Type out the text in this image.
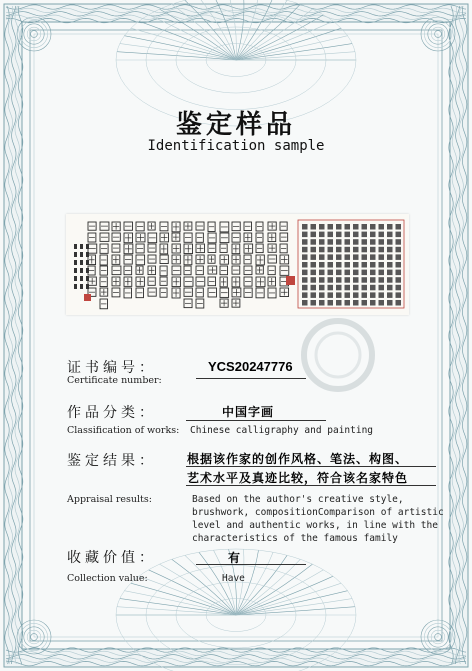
鉴定样品
Identification sample
证书编号：
Certificate number:
YCS20247776
作品分类：	中国字画
Classification of works: Chinese calligraphy and painting
鉴定结果：	根据该作家的创作风格、笔法、构图、
艺术水平及真迹比较，符合该名家特色
Appraisal results:	Based on the author's creative style,
brushwork, compositionComparison of artistic
level and authentic works, in line with the
characteristics of the famous family
收藏价值：	有
Collection value:	Have
